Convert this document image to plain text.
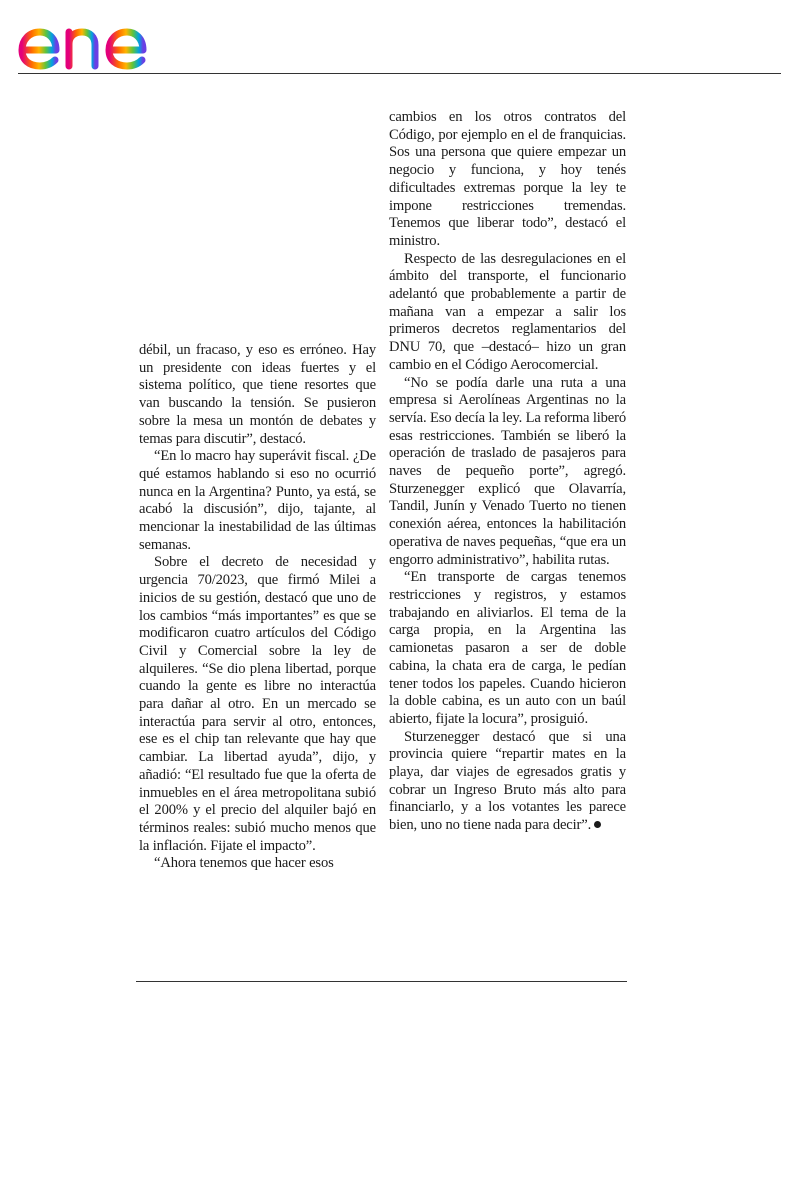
enel

débil, un fracaso, y eso es erróneo. Hay un presidente con ideas fuertes y el sistema político, que tiene resortes que van buscando la tensión. Se pusieron sobre la mesa un montón de debates y temas para discutir”, destacó.

“En lo macro hay superávit fiscal. ¿De qué estamos hablando si eso no ocurrió nunca en la Argentina? Punto, ya está, se acabó la discusión”, dijo, tajante, al mencionar la inestabilidad de las últimas semanas.

Sobre el decreto de necesidad y urgencia 70/2023, que firmó Milei a inicios de su gestión, destacó que uno de los cambios “más importantes” es que se modificaron cuatro artículos del Código Civil y Comercial sobre la ley de alquileres. “Se dio plena libertad, porque cuando la gente es libre no interactúa para dañar al otro. En un mercado se interactúa para servir al otro, entonces, ese es el chip tan relevante que hay que cambiar. La libertad ayuda”, dijo, y añadió: “El resultado fue que la oferta de inmuebles en el área metropolitana subió el 200% y el precio del alquiler bajó en términos reales: subió mucho menos que la inflación. Fijate el impacto”.

“Ahora tenemos que hacer esos

cambios en los otros contratos del Código, por ejemplo en el de franquicias. Sos una persona que quiere empezar un negocio y funciona, y hoy tenés dificultades extremas porque la ley te impone restricciones tremendas. Tenemos que liberar todo”, destacó el ministro.

Respecto de las desregulaciones en el ámbito del transporte, el funcionario adelantó que probablemente a partir de mañana van a empezar a salir los primeros decretos reglamentarios del DNU 70, que –destacó– hizo un gran cambio en el Código Aerocomercial.

“No se podía darle una ruta a una empresa si Aerolíneas Argentinas no la servía. Eso decía la ley. La reforma liberó esas restricciones. También se liberó la operación de traslado de pasajeros para naves de pequeño porte”, agregó. Sturzenegger explicó que Olavarría, Tandil, Junín y Venado Tuerto no tienen conexión aérea, entonces la habilitación operativa de naves pequeñas, “que era un engorro administrativo”, habilita rutas.

“En transporte de cargas tenemos restricciones y registros, y estamos trabajando en aliviarlos. El tema de la carga propia, en la Argentina las camionetas pasaron a ser de doble cabina, la chata era de carga, le pedían tener todos los papeles. Cuando hicieron la doble cabina, es un auto con un baúl abierto, fijate la locura”, prosiguió.

Sturzenegger destacó que si una provincia quiere “repartir mates en la playa, dar viajes de egresados gratis y cobrar un Ingreso Bruto más alto para financiarlo, y a los votantes les parece bien, uno no tiene nada para decir”.
